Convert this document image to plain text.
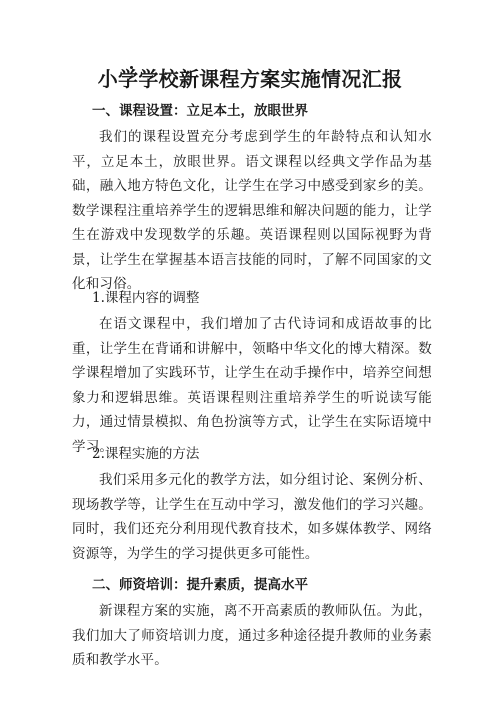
小学学校新课程方案实施情况汇报
一、课程设置：立足本土，放眼世界
我们的课程设置充分考虑到学生的年龄特点和认知水平，立足本土，放眼世界。语文课程以经典文学作品为基础，融入地方特色文化，让学生在学习中感受到家乡的美。数学课程注重培养学生的逻辑思维和解决问题的能力，让学生在游戏中发现数学的乐趣。英语课程则以国际视野为背景，让学生在掌握基本语言技能的同时，了解不同国家的文化和习俗。
1.课程内容的调整
在语文课程中，我们增加了古代诗词和成语故事的比重，让学生在背诵和讲解中，领略中华文化的博大精深。数学课程增加了实践环节，让学生在动手操作中，培养空间想象力和逻辑思维。英语课程则注重培养学生的听说读写能力，通过情景模拟、角色扮演等方式，让学生在实际语境中学习。
2.课程实施的方法
我们采用多元化的教学方法，如分组讨论、案例分析、现场教学等，让学生在互动中学习，激发他们的学习兴趣。同时，我们还充分利用现代教育技术，如多媒体教学、网络资源等，为学生的学习提供更多可能性。
二、师资培训：提升素质，提高水平
新课程方案的实施，离不开高素质的教师队伍。为此，我们加大了师资培训力度，通过多种途径提升教师的业务素质和教学水平。
